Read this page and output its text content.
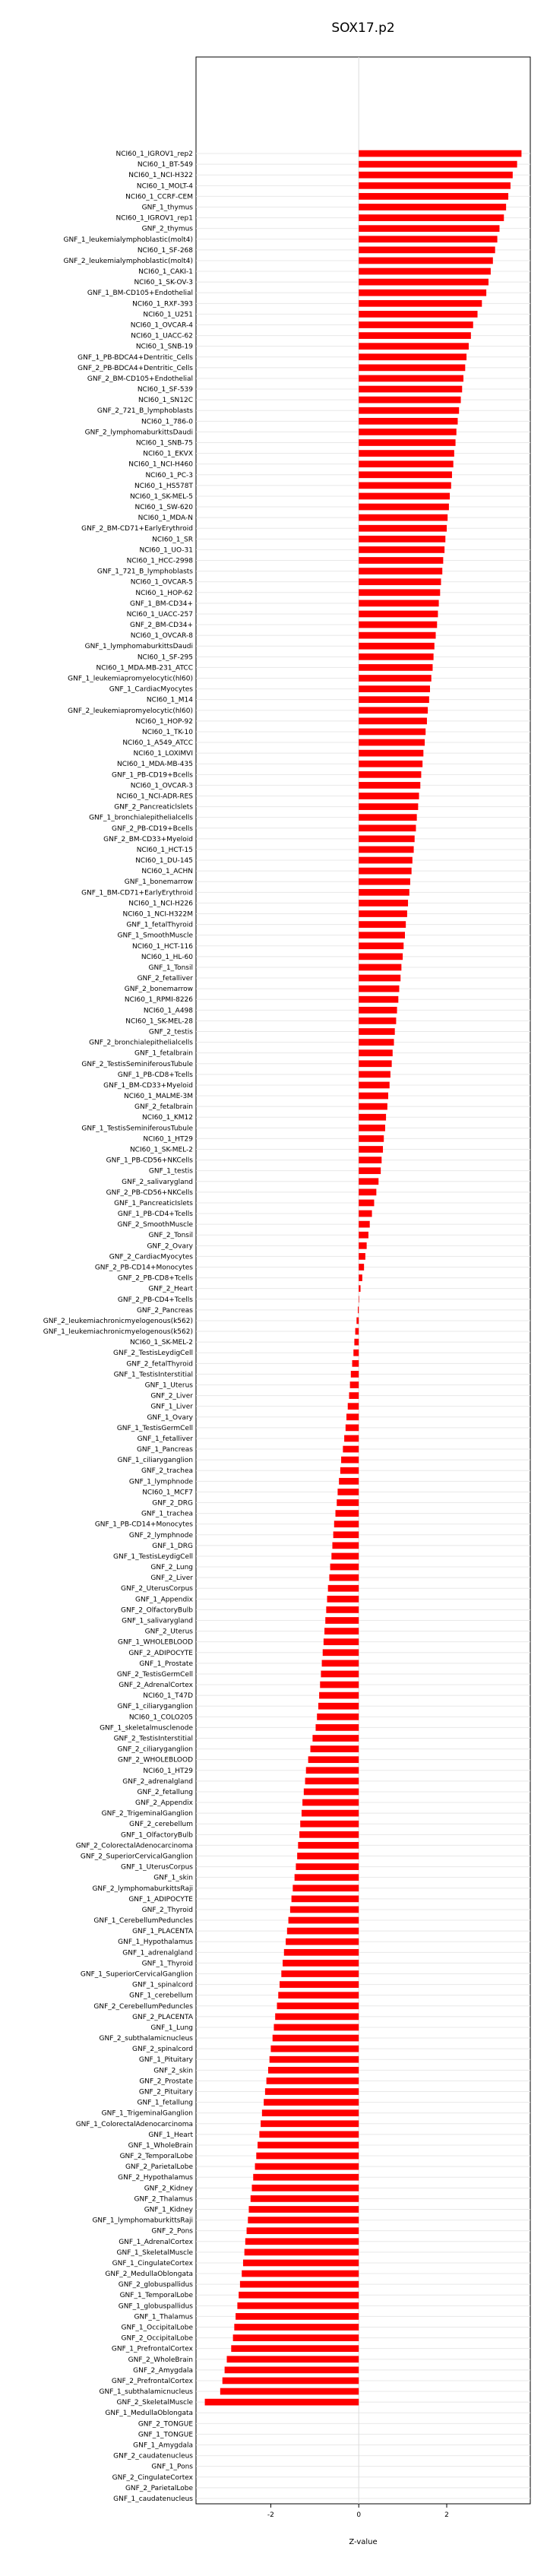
SOX17.p2
NCI60_1_IGROV1_rep2
NCI60_1_BT-549
NCI60_1_NCI-H322
NCI60_1_MOLT-4
NCI60_1_CCRF-CEM
GNF_1_thymus
NCI60_1_IGROV1_rep1
GNF_2_thymus
GNF_1_leukemialymphoblastic(molt4)
NCI60_1_SF-268
GNF_2_leukemialymphoblastic(molt4)
NCI60_1_CAKI-1
NCI60_1_SK-OV-3
GNF_1_BM-CD105+Endothelial
NCI60_1_RXF-393
NCI60_1_U251
NCI60_1_OVCAR-4
NCI60_1_UACC-62
NCI60_1_SNB-19
GNF_1_PB-BDCA4+Dentritic_Cells
GNF_2_PB-BDCA4+Dentritic_Cells
GNF_2_BM-CD105+Endothelial
NCI60_1_SF-539
NCI60_1_SN12C
GNF_2_721_B_lymphoblasts
NCI60_1_786-0
GNF_2_lymphomaburkittsDaudi
NCI60_1_SNB-75
NCI60_1_EKVX
NCI60_1_NCI-H460
NCI60_1_PC-3
NCI60_1_HS578T
NCI60_1_SK-MEL-5
NCI60_1_SW-620
NCI60_1_MDA-N
GNF_2_BM-CD71+EarlyErythroid
NCI60_1_SR
NCI60_1_UO-31
NCI60_1_HCC-2998
GNF_1_721_B_lymphoblasts
NCI60_1_OVCAR-5
NCI60_1_HOP-62
GNF_1_BM-CD34+
NCI60_1_UACC-257
GNF_2_BM-CD34+
NCI60_1_OVCAR-8
GNF_1_lymphomaburkittsDaudi
NCI60_1_SF-295
NCI60_1_MDA-MB-231_ATCC
GNF_1_leukemiapromyelocytic(hl60)
GNF_1_CardiacMyocytes
NCI60_1_M14
GNF_2_leukemiapromyelocytic(hl60)
NCI60_1_HOP-92
NCI60_1_TK-10
NCI60_1_A549_ATCC
NCI60_1_LOXIMVI
NCI60_1_MDA-MB-435
GNF_1_PB-CD19+Bcells
NCI60_1_OVCAR-3
NCI60_1_NCI-ADR-RES
GNF_2_Pancreaticlslets
GNF_1_bronchialepithelialcells
GNF_2_PB-CD19+Bcells
GNF_2_BM-CD33+Myeloid
NCI60_1_HCT-15
NCI60_1_DU-145
NCI60_1_ACHN
GNF_1_bonemarrow
GNF_1_BM-CD71+EarlyErythroid
NCI60_1_NCI-H226
NCI60_1_NCI-H322M
GNF_1_fetalThyroid
GNF_1_SmoothMuscle
NCI60_1_HCT-116
NCI60_1_HL-60
GNF_1_Tonsil
GNF_2_fetalliver
GNF_2_bonemarrow
NCI60_1_RPMI-8226
NCI60_1_A498
NCI60_1_SK-MEL-28
GNF_2_testis
GNF_2_bronchialepithelialcells
GNF_1_fetalbrain
GNF_2_TestisSeminiferousTubule
GNF_1_PB-CD8+Tcells
GNF_1_BM-CD33+Myeloid
NCI60_1_MALME-3M
GNF_2_fetalbrain
NCI60_1_KM12
GNF_1_TestisSeminiferousTubule
NCI60_1_HT29
NCI60_1_SK-MEL-2
GNF_1_PB-CD56+NKCells
GNF_1_testis
GNF_2_salivarygland
GNF_2_PB-CD56+NKCells
GNF_1_PancreaticIslets
GNF_1_PB-CD4+Tcells
GNF_2_SmoothMuscle
GNF_2_Tonsil
GNF_2_Ovary
GNF_2_CardiacMyocytes
GNF_2_PB-CD14+Monocytes
GNF_2_PB-CD8+Tcells
GNF_2_Heart
GNF_2_PB-CD4+Tcells
GNF_2_Pancreas
GNF_2_leukemiachronicmyelogenous(k562)
GNF_1_leukemiachronicmyelogenous(k562)
NCI60_1_SK-MEL-2
GNF_2_TestisLeydigCell
GNF_2_fetalThyroid
GNF_1_TestisInterstitial
GNF_1_Uterus
GNF_2_Liver
GNF_1_Liver
GNF_1_Ovary
GNF_1_TestisGermCell
GNF_1_fetalliver
GNF_1_Pancreas
GNF_1_ciliaryganglion
GNF_2_trachea
GNF_1_lymphnode
NCI60_1_MCF7
GNF_2_DRG
GNF_1_trachea
GNF_1_PB-CD14+Monocytes
GNF_2_lymphnode
GNF_1_DRG
GNF_1_TestisLeydigCell
GNF_2_Lung
GNF_2_Liver
GNF_2_UterusCorpus
GNF_1_Appendix
GNF_2_OlfactoryBulb
GNF_1_salivarygland
GNF_2_Uterus
GNF_1_WHOLEBLOOD
GNF_2_ADIPOCYTE
GNF_1_Prostate
GNF_2_TestisGermCell
GNF_2_AdrenalCortex
NCI60_1_T47D
GNF_1_ciliaryganglion
NCI60_1_COLO205
GNF_1_skeletalmusclenode
GNF_2_TestisInterstitial
GNF_2_ciliaryganglion
GNF_2_WHOLEBLOOD
NCI60_1_HT29
GNF_2_adrenalgland
GNF_2_fetallung
GNF_2_Appendix
GNF_2_TrigeminalGanglion
GNF_2_cerebellum
GNF_1_OlfactoryBulb
GNF_2_ColorectalAdenocarcinoma
GNF_2_SuperiorCervicalGanglion
GNF_1_UterusCorpus
GNF_1_skin
GNF_2_lymphomaburkittsRaji
GNF_1_ADIPOCYTE
GNF_2_Thyroid
GNF_1_CerebellumPeduncles
GNF_1_PLACENTA
GNF_1_Hypothalamus
GNF_1_adrenalgland
GNF_1_Thyroid
GNF_1_SuperiorCervicalGanglion
GNF_1_spinalcord
GNF_1_cerebellum
GNF_2_CerebellumPeduncles
GNF_2_PLACENTA
GNF_1_Lung
GNF_2_subthalamicnucleus
GNF_2_spinalcord
GNF_1_Pituitary
GNF_2_skin
GNF_2_Prostate
GNF_2_Pituitary
GNF_1_fetallung
GNF_1_TrigeminalGanglion
GNF_1_ColorectalAdenocarcinoma
GNF_1_Heart
GNF_1_WholeBrain
GNF_2_TemporalLobe
GNF_2_ParietalLobe
GNF_2_Hypothalamus
GNF_2_Kidney
GNF_2_Thalamus
GNF_1_Kidney
GNF_1_lymphomaburkittsRaji
GNF_2_Pons
GNF_1_AdrenalCortex
GNF_1_SkeletalMuscle
GNF_1_CingulateCortex
GNF_2_MedullaOblongata
GNF_2_globuspallidus
GNF_1_TemporalLobe
GNF_1_globuspallidus
GNF_1_Thalamus
GNF_1_OccipitalLobe
GNF_2_OccipitalLobe
GNF_1_PrefrontalCortex
GNF_2_WholeBrain
GNF_2_Amygdala
GNF_2_PrefrontalCortex
GNF_1_subthalamicnucleus
GNF_2_SkeletalMuscle
GNF_1_MedullaOblongata
GNF_2_TONGUE
GNF_1_TONGUE
GNF_1_Amygdala
GNF_2_caudatenucleus
GNF_1_Pons
GNF_2_CingulateCortex
GNF_2_ParietalLobe
GNF_1_caudatenucleus
-2	0	2
Z-value
